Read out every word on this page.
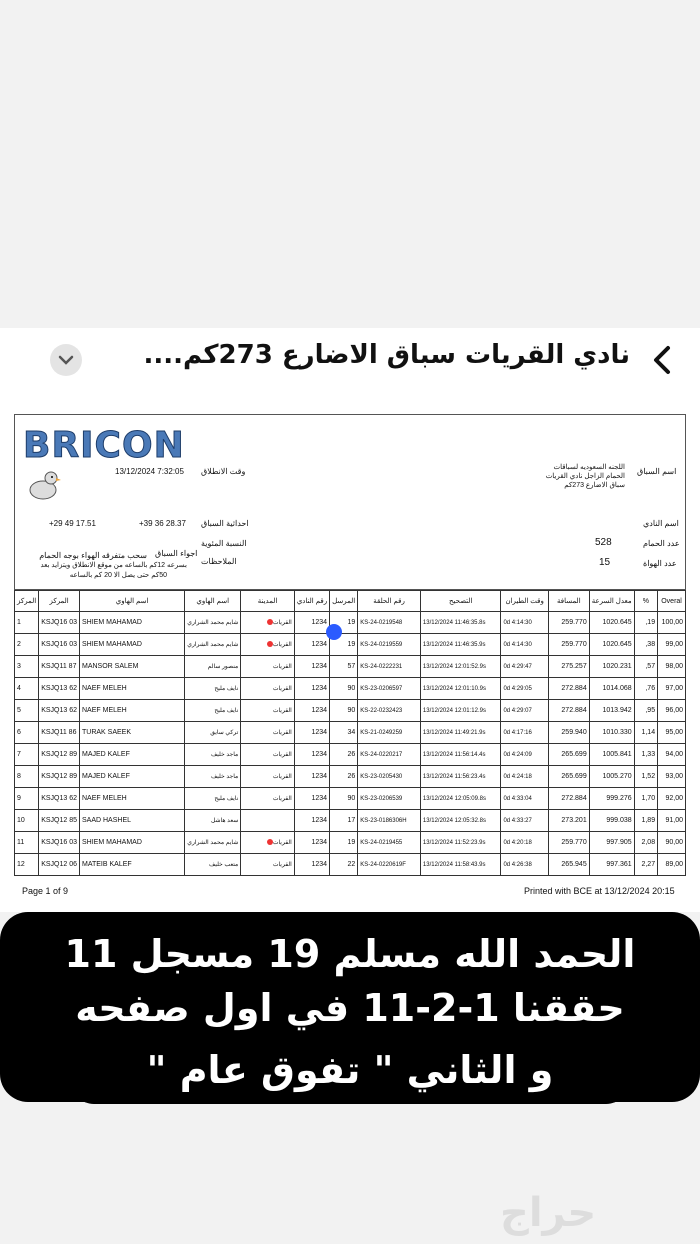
نادي القريات سباق الاضارع 273كم....
BRICON
وقت الانطلاق
13/12/2024 7:32:05
احداثية السباق
+39 36 28.37
+29 49 17.51
النسبة المئوية
الملاحظات
اجواء السباق
سحب متفرقه الهواء بوجه الحمام
بسرعه 12كم بالساعه من موقع الانطلاق ويتزايد بعد
50كم حتى يصل الا 20 كم بالساعه
اسم السباق
اللجنه السعوديه لسباقات الحمام الزاجل نادي القريات سباق الاضارع 273كم
اسم النادي
عدد الحمام
528
عدد الهواة
15
المركز	المركز	اسم الهاوي	اسم الهاوي	المدينة	رقم النادي	المرسل	رقم الحلقة	التصحيح	وقت الطيران	المسافة	معدل السرعة	%	Overal
1	KSJQ16 03	SHIEM MAHAMAD	شايم محمد الشراري	القريات	1234	19	KS-24-0219548	13/12/2024 11:46:35.8s	0d 4:14:30	259.770	1020.645	,19	100,00
2	KSJQ16 03	SHIEM MAHAMAD	شايم محمد الشراري	القريات	1234	19	KS-24-0219559	13/12/2024 11:46:35.9s	0d 4:14:30	259.770	1020.645	,38	99,00
3	KSJQ11 87	MANSOR SALEM	منصور سالم	القريات	1234	57	KS-24-0222231	13/12/2024 12:01:52.9s	0d 4:29:47	275.257	1020.231	,57	98,00
4	KSJQ13 62	NAEF MELEH	نايف مليح	القريات	1234	90	KS-23-0206597	13/12/2024 12:01:10.9s	0d 4:29:05	272.884	1014.068	,76	97,00
5	KSJQ13 62	NAEF MELEH	نايف مليح	القريات	1234	90	KS-22-0232423	13/12/2024 12:01:12.9s	0d 4:29:07	272.884	1013.942	,95	96,00
6	KSJQ11 86	TURAK SAEEK	تركي سايق	القريات	1234	34	KS-21-0249259	13/12/2024 11:49:21.9s	0d 4:17:16	259.940	1010.330	1,14	95,00
7	KSJQ12 89	MAJED KALEF	ماجد خليف	القريات	1234	26	KS-24-0220217	13/12/2024 11:56:14.4s	0d 4:24:09	265.699	1005.841	1,33	94,00
8	KSJQ12 89	MAJED KALEF	ماجد خليف	القريات	1234	26	KS-23-0205430	13/12/2024 11:56:23.4s	0d 4:24:18	265.699	1005.270	1,52	93,00
9	KSJQ13 62	NAEF MELEH	نايف مليح	القريات	1234	90	KS-23-0206539	13/12/2024 12:05:09.8s	0d 4:33:04	272.884	999.276	1,70	92,00
10	KSJQ12 85	SAAD HASHEL	سعد هاشل		1234	17	KS-23-0186306H	13/12/2024 12:05:32.8s	0d 4:33:27	273.201	999.038	1,89	91,00
11	KSJQ16 03	SHIEM MAHAMAD	شايم محمد الشراري	القريات	1234	19	KS-24-0219455	13/12/2024 11:52:23.9s	0d 4:20:18	259.770	997.905	2,08	90,00
12	KSJQ12 06	MATEIB KALEF	متعب خليف	القريات	1234	22	KS-24-0220619F	13/12/2024 11:58:43.9s	0d 4:26:38	265.945	997.361	2,27	89,00
Page 1 of 9	Printed with BCE at 13/12/2024 20:15
الحمد الله مسلم 19 مسجل 11
حققنا 1-2-11 في اول صفحه
و الثاني " تفوق عام "
حراج
